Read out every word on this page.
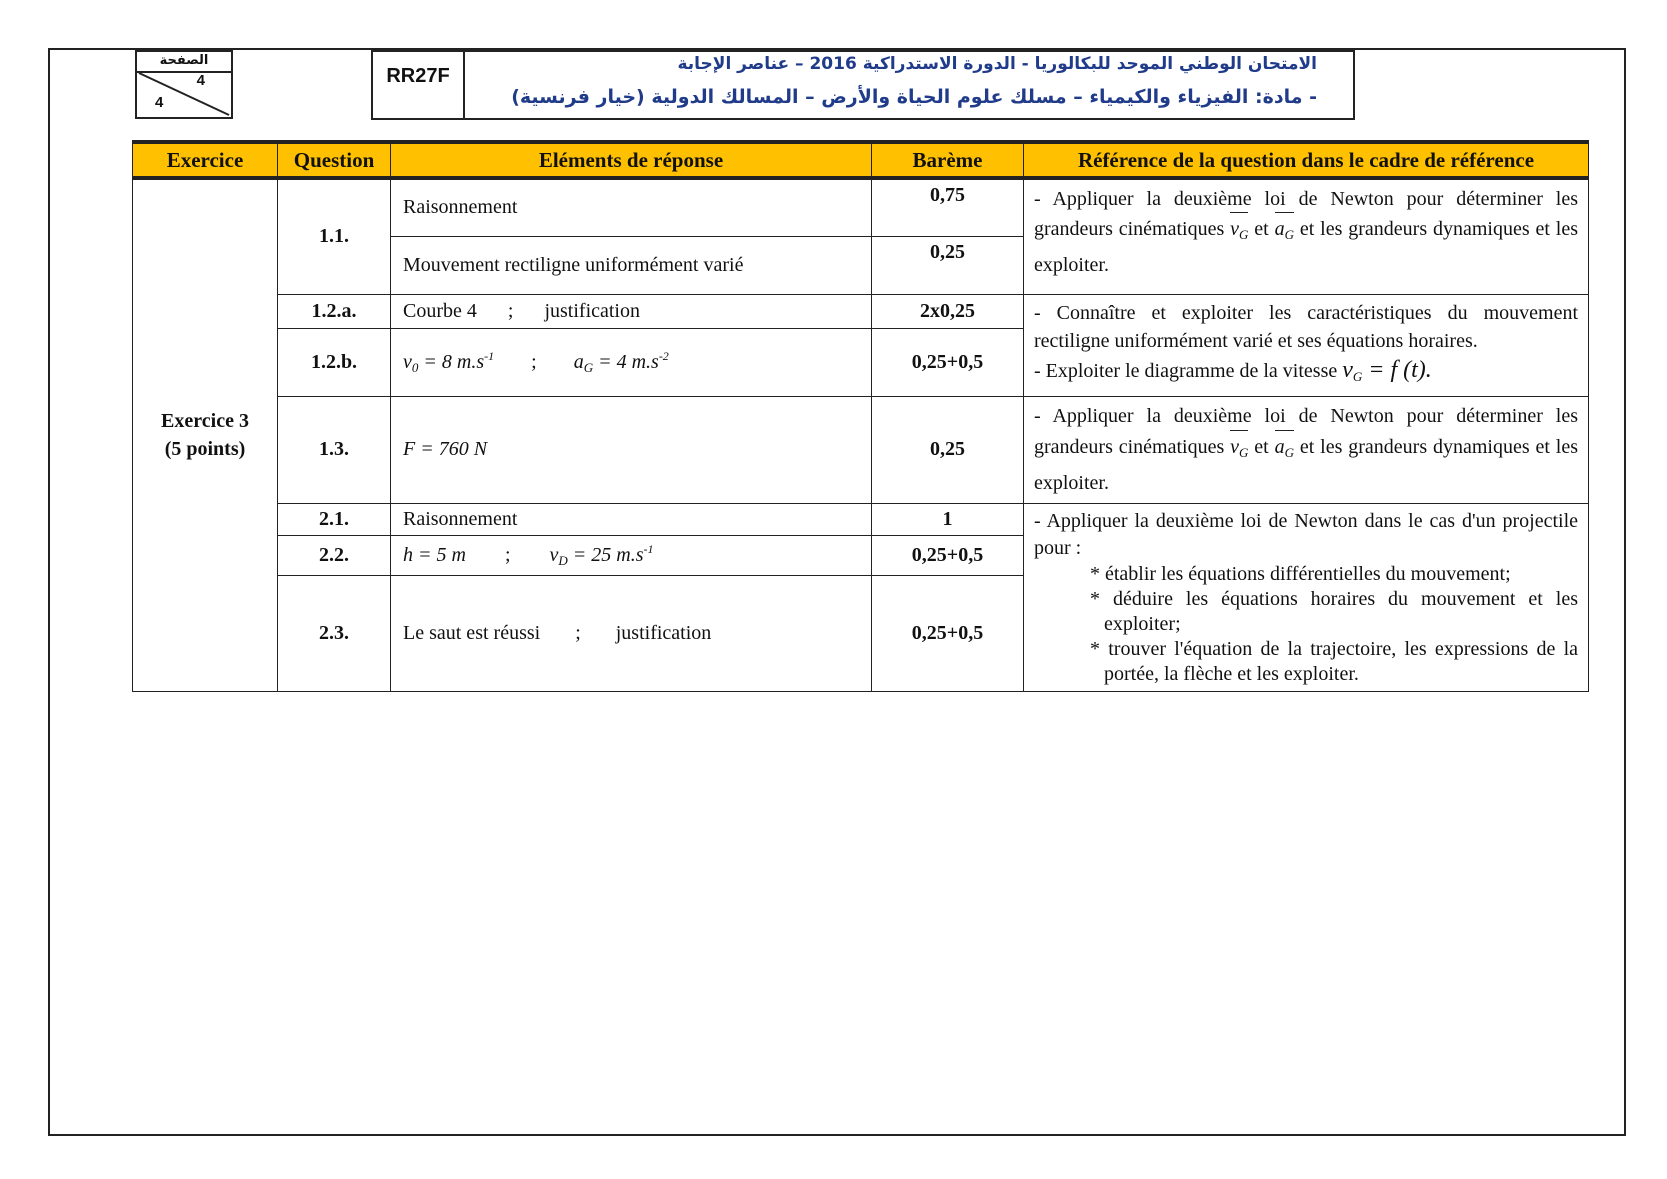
الصفحة
4
4
RR27F
الامتحان الوطني الموحد للبكالوريا - الدورة الاستدراكية 2016 – عناصر الإجابة
- مادة: الفيزياء والكيمياء – مسلك علوم الحياة والأرض – المسالك الدولية (خيار فرنسية)
Exercice	Question	Eléments de réponse	Barème	Référence de la question dans le cadre de référence

Exercice 3
(5 points)	1.1.	Raisonnement	0,75	- Appliquer la deuxième loi de Newton pour déterminer les grandeurs cinématiques $v_G$ et $a_G$ et les grandeurs dynamiques et les exploiter.
		Mouvement rectiligne uniformément varié	0,25	
	1.2.a.	Courbe 4 ; justification	2x0,25	- Connaître et exploiter les caractéristiques du mouvement rectiligne uniformément varié et ses équations horaires.
- Exploiter le diagramme de la vitesse $v_G = f$ (t).

	1.2.b.	$v_0 = 8$ $m.s^{-1}$ ; $a_G = 4$ $m.s^{-2}$	0,25+0,5	
	1.3.	F = 760 N	0,25	- Appliquer la deuxième loi de Newton pour déterminer les grandeurs cinématiques $v_G$ et $a_G$ et les grandeurs dynamiques et les exploiter.
	2.1.	Raisonnement	1	- Appliquer la deuxième loi de Newton dans le cas d'un projectile pour :
* établir les équations différentielles du mouvement;
* déduire les équations horaires du mouvement et les exploiter;
* trouver l'équation de la trajectoire, les expressions de la portée, la flèche et les exploiter.

	2.2.	h = 5 m ; $v_D = 25$ $m.s^{-1}$	0,25+0,5	
	2.3.	Le saut est réussi ; justification	0,25+0,5	
